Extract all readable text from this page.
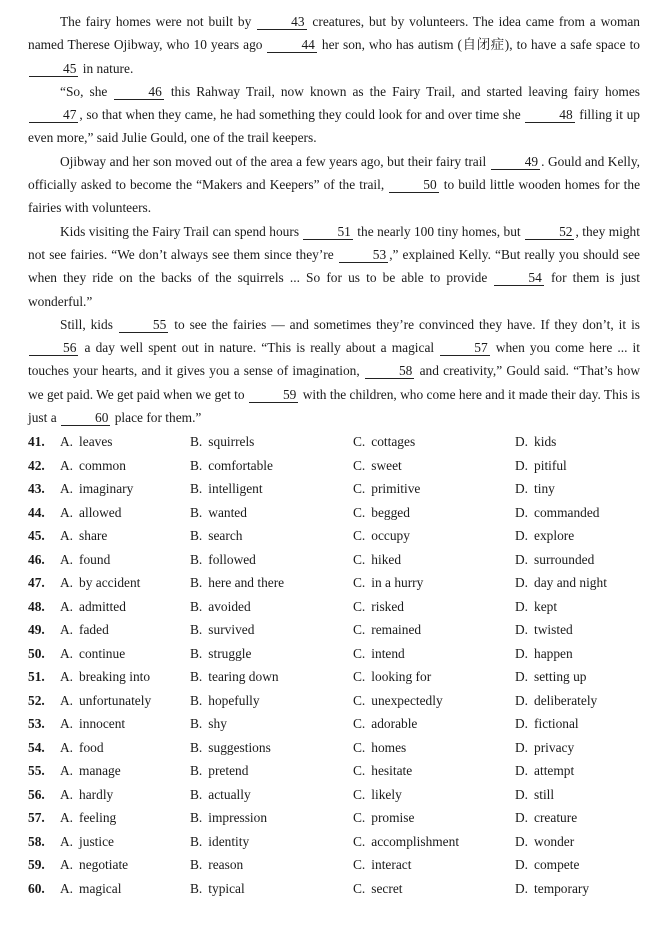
The fairy homes were not built by	43 creatures, but by volunteers. The idea came from a woman named Therese Ojibway, who 10 years ago	44 her son, who has autism (自闭症), to have a safe space to 45 in nature.

“So, she	46 this Rahway Trail, now known as the Fairy Trail, and started leaving fairy homes 47 , so that when they came, he had something they could look for and over time she	48 filling it up even more,” said Julie Gould, one of the trail keepers.

Ojibway and her son moved out of the area a few years ago, but their fairy trail	49 . Gould and Kelly, officially asked to become the “Makers and Keepers” of the trail,	50 to build little wooden homes for the fairies with volunteers.

Kids visiting the Fairy Trail can spend hours	51 the nearly 100 tiny homes, but	52 , they might not see fairies. “We don’t always see them since they’re	53 ,” explained Kelly. “But really you should see when they ride on the backs of the squirrels ... So for us to be able to provide	54 for them is just wonderful.”

Still, kids	55 to see the fairies — and sometimes they’re convinced they have. If they don’t, it is 56 a day well spent out in nature. “This is really about a magical	57 when you come here ... it touches your hearts, and it gives you a sense of imagination,	58 and creativity,” Gould said. “That’s how we get paid. We get paid when we get to	59 with the children, who come here and it made their day. This is just a	60 place for them.”

41.	A. leaves	B. squirrels	C. cottages	D. kids
42.	A. common	B. comfortable	C. sweet	D. pitiful
43.	A. imaginary	B. intelligent	C. primitive	D. tiny
44.	A. allowed	B. wanted	C. begged	D. commanded
45.	A. share	B. search	C. occupy	D. explore
46.	A. found	B. followed	C. hiked	D. surrounded
47.	A. by accident	B. here and there	C. in a hurry	D. day and night
48.	A. admitted	B. avoided	C. risked	D. kept
49.	A. faded	B. survived	C. remained	D. twisted
50.	A. continue	B. struggle	C. intend	D. happen
51.	A. breaking into	B. tearing down	C. looking for	D. setting up
52.	A. unfortunately	B. hopefully	C. unexpectedly	D. deliberately
53.	A. innocent	B. shy	C. adorable	D. fictional
54.	A. food	B. suggestions	C. homes	D. privacy
55.	A. manage	B. pretend	C. hesitate	D. attempt
56.	A. hardly	B. actually	C. likely	D. still
57.	A. feeling	B. impression	C. promise	D. creature
58.	A. justice	B. identity	C. accomplishment	D. wonder
59.	A. negotiate	B. reason	C. interact	D. compete
60.	A. magical	B. typical	C. secret	D. temporary
